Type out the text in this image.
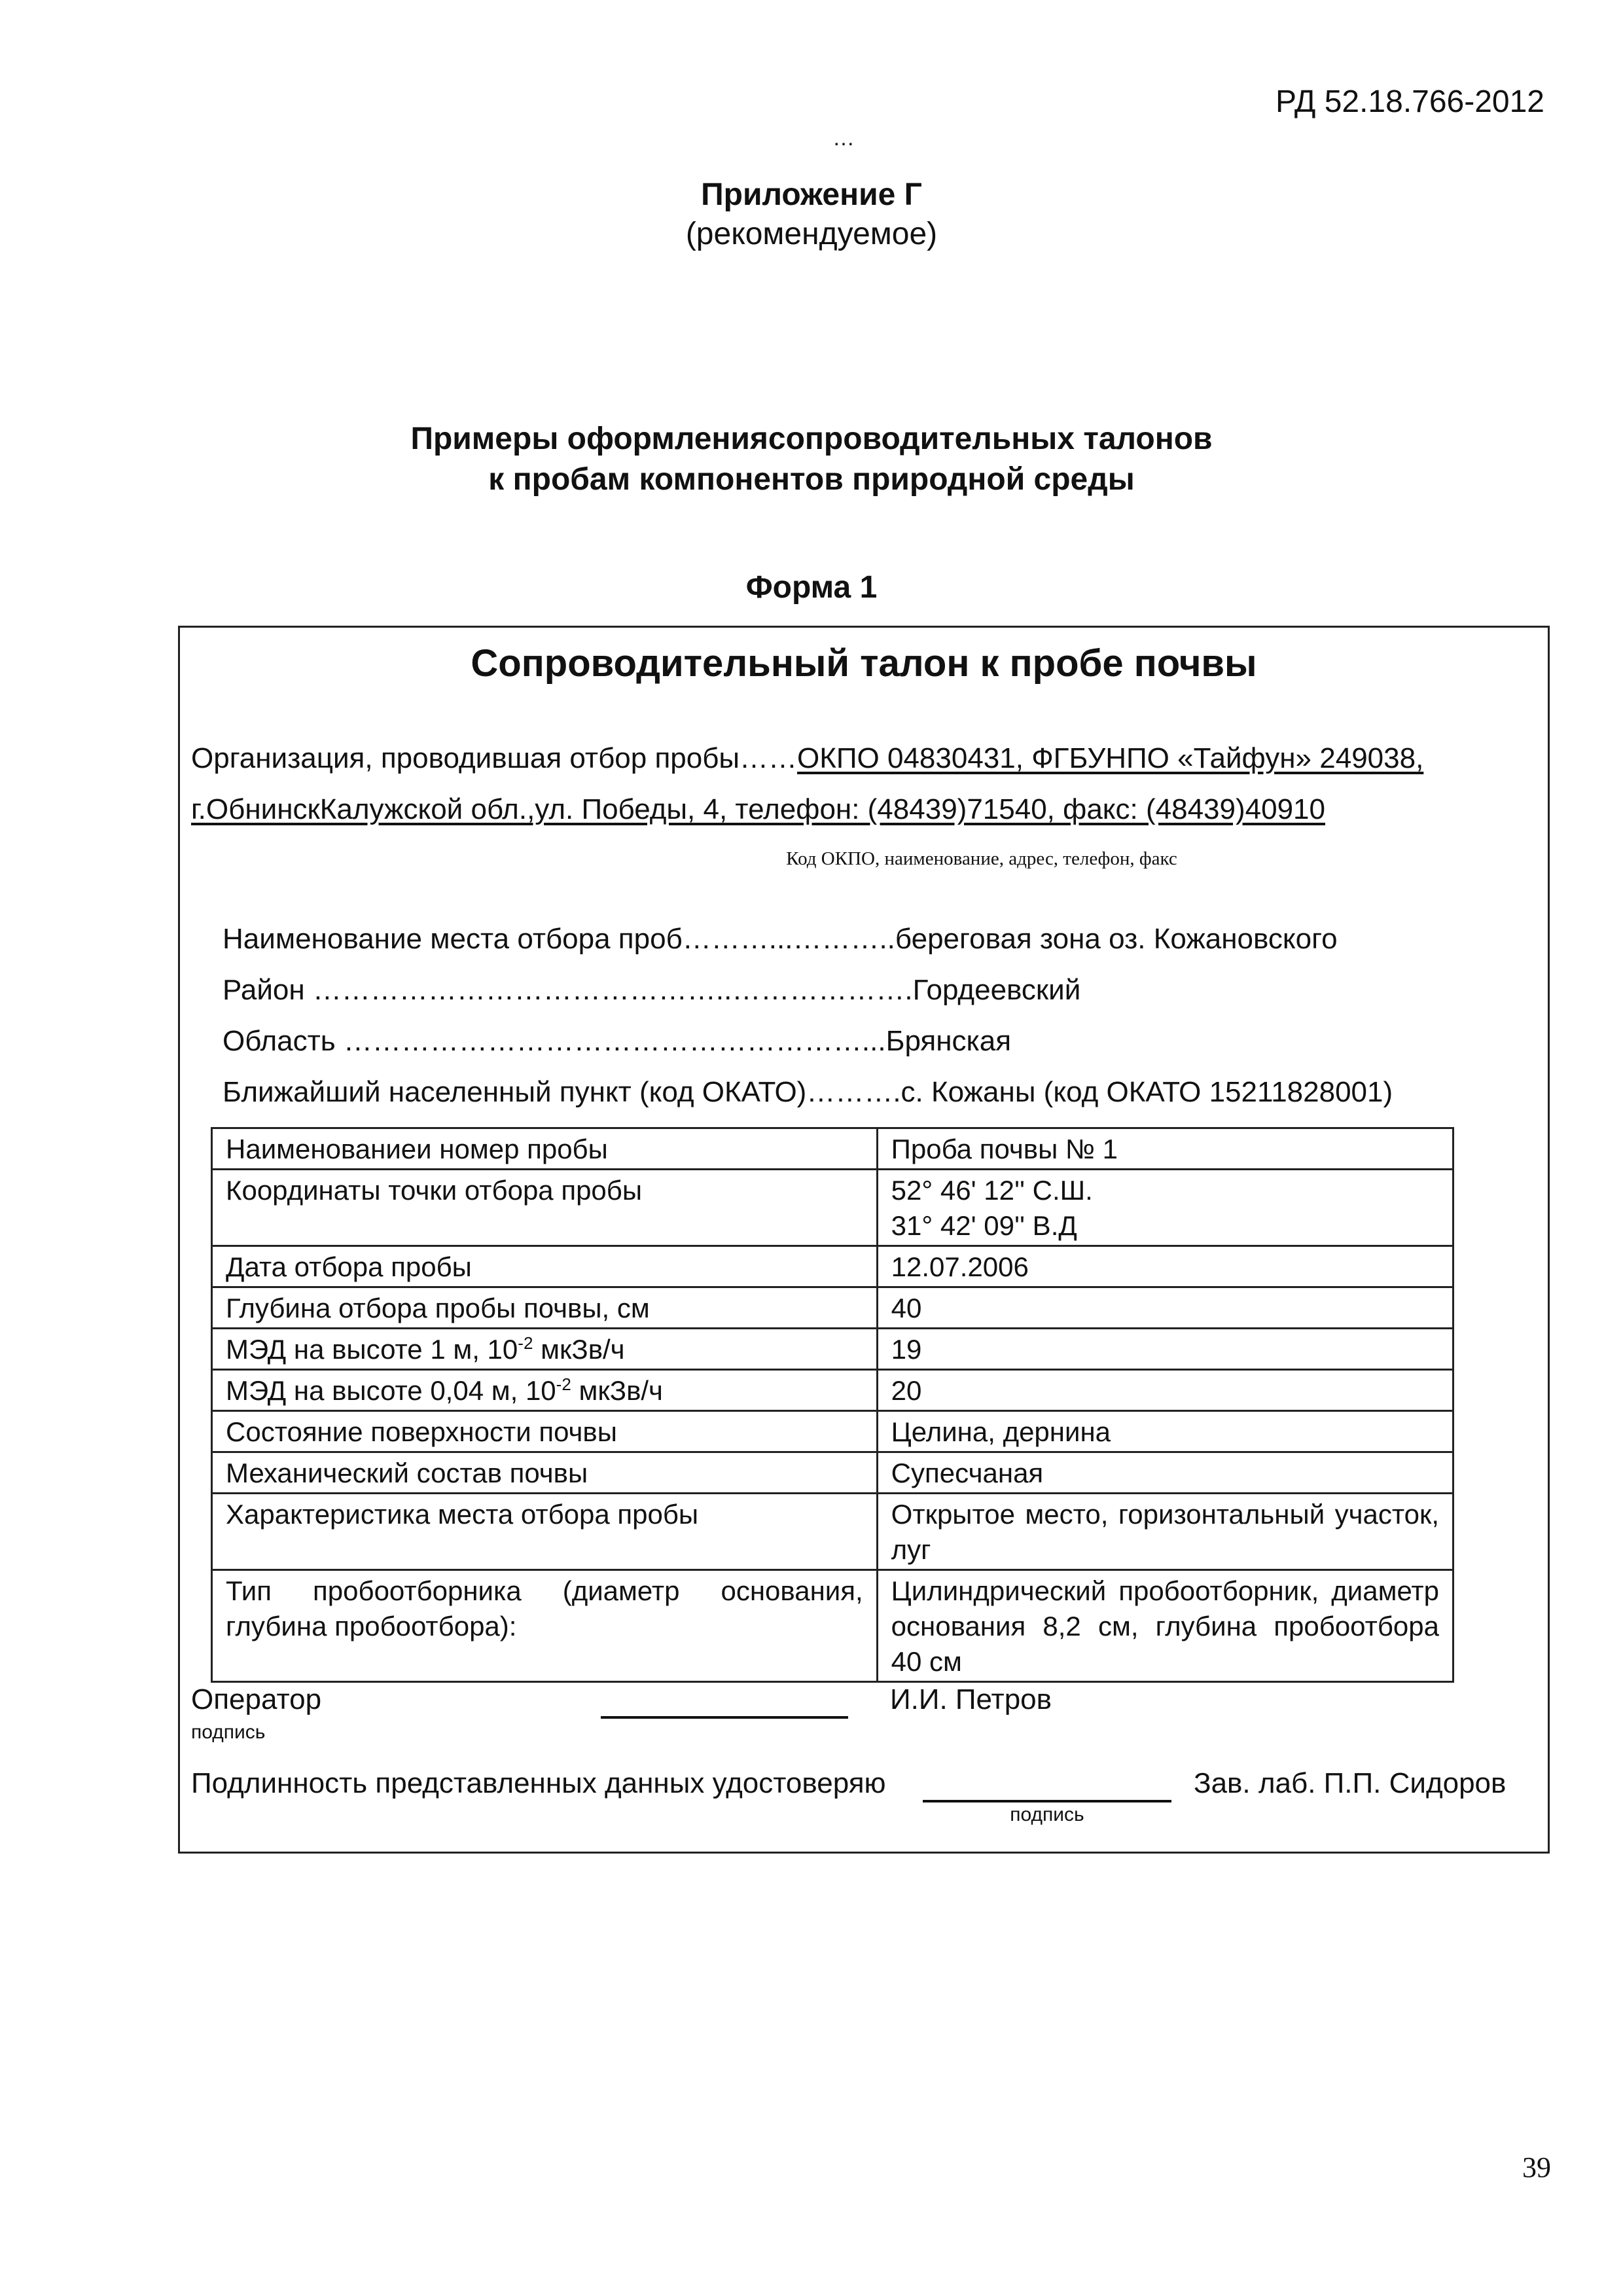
РД 52.18.766-2012
…
Приложение Г
(рекомендуемое)
Примеры оформлениясопроводительных талонов
к пробам компонентов природной среды
Форма 1
Сопроводительный талон к пробе почвы
Организация, проводившая отбор пробы……ОКПО 04830431, ФГБУНПО «Тайфун» 249038,
г.ОбнинскКалужской обл.,ул. Победы, 4, телефон: (48439)71540, факс: (48439)40910
Код ОКПО, наименование, адрес, телефон, факс
Наименование места отбора проб………...………..береговая зона оз. Кожановского
Район ……………………………………..……………….Гордеевский
Область ………………………………………………...Брянская
Ближайший населенный пункт (код ОКАТО)……….с. Кожаны (код ОКАТО 15211828001)
Наименованиеи номер пробы	Проба почвы № 1
Координаты точки отбора пробы	52° 46' 12'' С.Ш.
31° 42' 09'' В.Д

Дата отбора пробы	12.07.2006
Глубина отбора пробы почвы, см	40
МЭД на высоте 1 м, $10^{-2}$ мкЗв/ч	19
МЭД на высоте 0,04 м, $10^{-2}$ мкЗв/ч	20
Состояние поверхности почвы	Целина, дернина
Механический состав почвы	Супесчаная
Характеристика места отбора пробы	Открытое место, горизонтальный участок, луг
Тип пробоотборника (диаметр основания, глубина пробоотбора):	Цилиндрический пробоотборник, диаметр основания 8,2 см, глубина пробоотбора 40 см
Оператор
подпись
И.И. Петров
Подлинность представленных данных удостоверяю
подпись
Зав. лаб. П.П. Сидоров
39
